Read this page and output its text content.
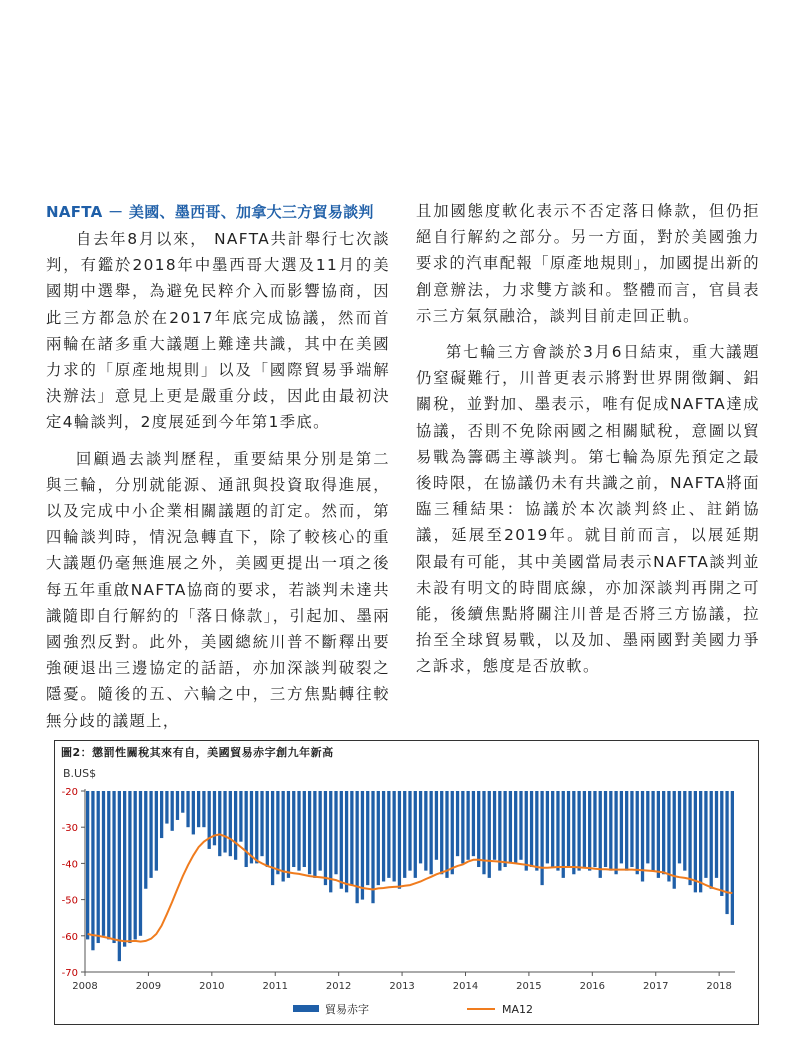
NAFTA － 美國、墨西哥、加拿大三方貿易談判

自去年8月以來， NAFTA共計舉行七次談判，有鑑於2018年中墨西哥大選及11月的美國期中選舉，為避免民粹介入而影響協商，因此三方都急於在2017年底完成協議，然而首兩輪在諸多重大議題上難達共識，其中在美國力求的「原產地規則」以及「國際貿易爭端解決辦法」意見上更是嚴重分歧，因此由最初決定4輪談判，2度展延到今年第1季底。

回顧過去談判歷程，重要結果分別是第二與三輪，分別就能源、通訊與投資取得進展，以及完成中小企業相關議題的訂定。然而，第四輪談判時，情況急轉直下，除了較核心的重大議題仍毫無進展之外，美國更提出一項之後每五年重啟NAFTA協商的要求，若談判未達共識隨即自行解約的「落日條款」，引起加、墨兩國強烈反對。此外，美國總統川普不斷釋出要強硬退出三邊協定的話語，亦加深談判破裂之隱憂。隨後的五、六輪之中，三方焦點轉往較無分歧的議題上，

且加國態度軟化表示不否定落日條款，但仍拒絕自行解約之部分。另一方面，對於美國強力要求的汽車配報「原產地規則」，加國提出新的創意辦法，力求雙方談和。整體而言，官員表示三方氣氛融洽，談判目前走回正軌。

第七輪三方會談於3月6日結束，重大議題仍窒礙難行，川普更表示將對世界開徵鋼、鋁關稅，並對加、墨表示，唯有促成NAFTA達成協議，否則不免除兩國之相關賦稅，意圖以貿易戰為籌碼主導談判。第七輪為原先預定之最後時限，在協議仍未有共識之前，NAFTA將面臨三種結果：協議於本次談判終止、註銷協議，延展至2019年。就目前而言，以展延期限最有可能，其中美國當局表示NAFTA談判並未設有明文的時間底線，亦加深談判再開之可能，後續焦點將關注川普是否將三方協議，拉抬至全球貿易戰，以及加、墨兩國對美國力爭之訴求，態度是否放軟。

圖2：懲罰性關稅其來有自，美國貿易赤字創九年新高
B.US$
-20
-30
-40
-50
-60
-70
2008	2009	2010	2011	2012	2013	2014	2015	2016	2017	2018
貿易赤字	MA12
